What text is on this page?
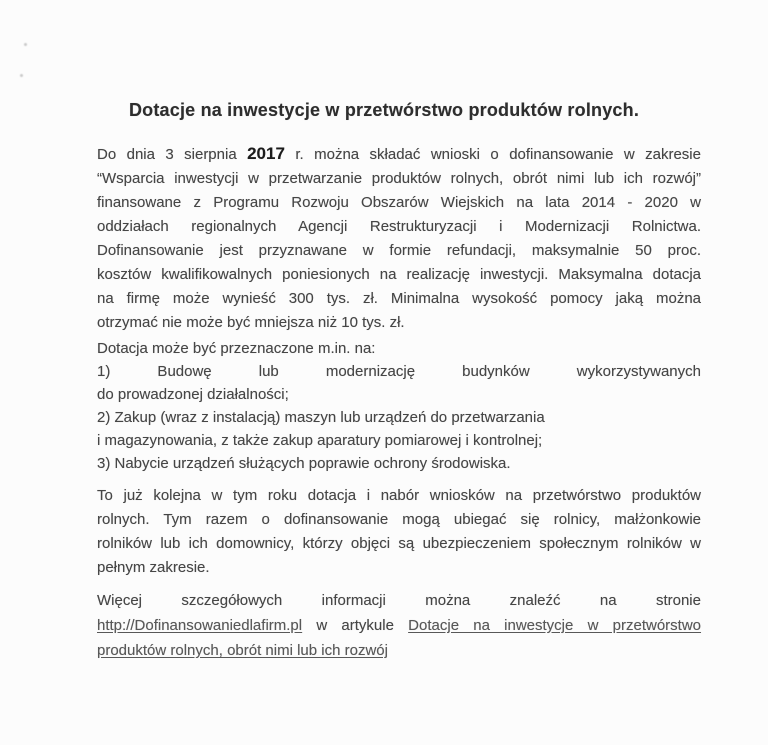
Dotacje na inwestycje w przetwórstwo produktów rolnych.
Do dnia 3 sierpnia 2017 r. można składać wnioski o dofinansowanie w zakresie
“Wsparcia inwestycji w przetwarzanie produktów rolnych, obrót nimi lub ich rozwój”
finansowane z Programu Rozwoju Obszarów Wiejskich na lata 2014 - 2020 w
oddziałach regionalnych Agencji Restrukturyzacji i Modernizacji Rolnictwa.
Dofinansowanie jest przyznawane w formie refundacji, maksymalnie 50 proc.
kosztów kwalifikowalnych poniesionych na realizację inwestycji. Maksymalna dotacja
na firmę może wynieść 300 tys. zł. Minimalna wysokość pomocy jaką można
otrzymać nie może być mniejsza niż 10 tys. zł.
Dotacja może być przeznaczone m.in. na:
1) Budowę lub modernizację budynków wykorzystywanych
do prowadzonej działalności;
2) Zakup (wraz z instalacją) maszyn lub urządzeń do przetwarzania
i magazynowania, z także zakup aparatury pomiarowej i kontrolnej;
3) Nabycie urządzeń służących poprawie ochrony środowiska.
To już kolejna w tym roku dotacja i nabór wniosków na przetwórstwo produktów
rolnych. Tym razem o dofinansowanie mogą ubiegać się rolnicy, małżonkowie
rolników lub ich domownicy, którzy objęci są ubezpieczeniem społecznym rolników w
pełnym zakresie.
Więcej szczegółowych informacji można znaleźć na stronie
http://Dofinansowaniedlafirm.pl w artykule Dotacje na inwestycje w przetwórstwo
produktów rolnych, obrót nimi lub ich rozwój
